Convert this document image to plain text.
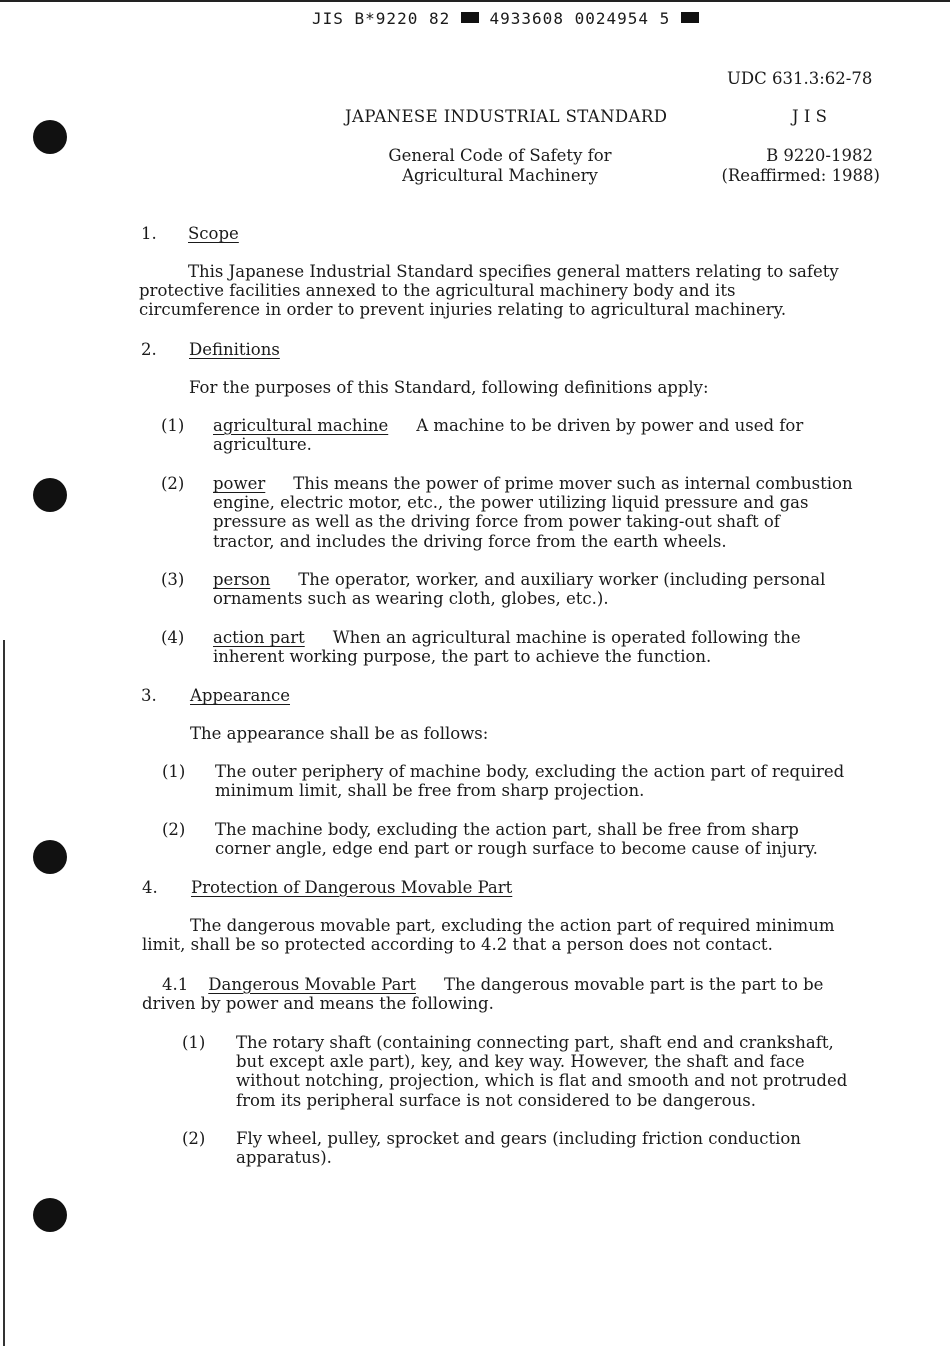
JIS B*9220 82 4933608 0024954 5
UDC 631.3:62-78
JAPANESE INDUSTRIAL STANDARD	J I S
General Code of Safety for
Agricultural Machinery
B 9220-1982
(Reaffirmed: 1988)
1. Scope
This Japanese Industrial Standard specifies general matters relating to safety
protective facilities annexed to the agricultural machinery body and its
circumference in order to prevent injuries relating to agricultural machinery.
2. Definitions
For the purposes of this Standard, following definitions apply:
(1) agricultural machine A machine to be driven by power and used for
agriculture.
(2) power This means the power of prime mover such as internal combustion
engine, electric motor, etc., the power utilizing liquid pressure and gas
pressure as well as the driving force from power taking-out shaft of
tractor, and includes the driving force from the earth wheels.
(3) person The operator, worker, and auxiliary worker (including personal
ornaments such as wearing cloth, globes, etc.).
(4) action part When an agricultural machine is operated following the
inherent working purpose, the part to achieve the function.
3. Appearance
The appearance shall be as follows:
(1) The outer periphery of machine body, excluding the action part of required
minimum limit, shall be free from sharp projection.
(2) The machine body, excluding the action part, shall be free from sharp
corner angle, edge end part or rough surface to become cause of injury.
4. Protection of Dangerous Movable Part
The dangerous movable part, excluding the action part of required minimum
limit, shall be so protected according to 4.2 that a person does not contact.
4.1 Dangerous Movable Part The dangerous movable part is the part to be
driven by power and means the following.
(1) The rotary shaft (containing connecting part, shaft end and crankshaft,
but except axle part), key, and key way. However, the shaft and face
without notching, projection, which is flat and smooth and not protruded
from its peripheral surface is not considered to be dangerous.
(2) Fly wheel, pulley, sprocket and gears (including friction conduction
apparatus).
